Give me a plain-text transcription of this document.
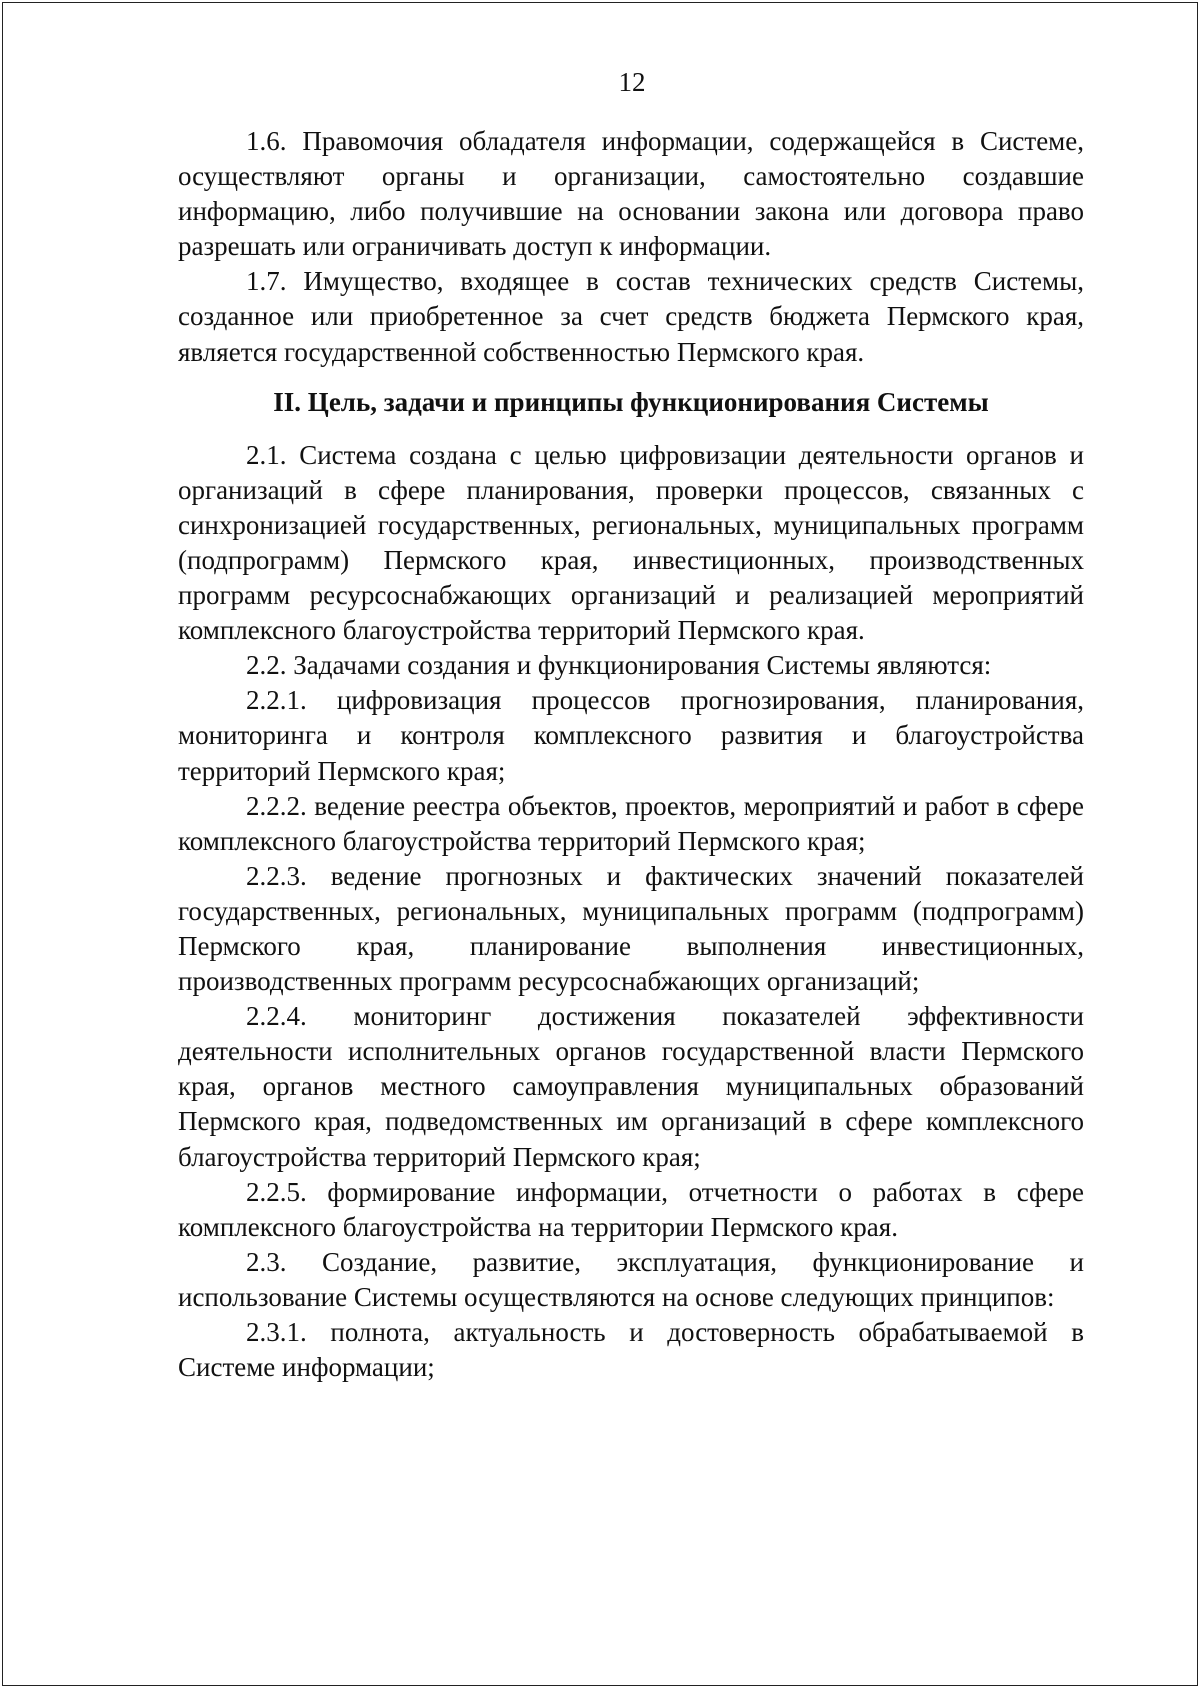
12

1.6. Правомочия обладателя информации, содержащейся в Системе, осуществляют органы и организации, самостоятельно создавшие информацию, либо получившие на основании закона или договора право разрешать или ограничивать доступ к информации.

1.7. Имущество, входящее в состав технических средств Системы, созданное или приобретенное за счет средств бюджета Пермского края, является государственной собственностью Пермского края.

II. Цель, задачи и принципы функционирования Системы

2.1. Система создана с целью цифровизации деятельности органов и организаций в сфере планирования, проверки процессов, связанных с синхронизацией государственных, региональных, муниципальных программ (подпрограмм) Пермского края, инвестиционных, производственных программ ресурсоснабжающих организаций и реализацией мероприятий комплексного благоустройства территорий Пермского края.

2.2. Задачами создания и функционирования Системы являются:

2.2.1. цифровизация процессов прогнозирования, планирования, мониторинга и контроля комплексного развития и благоустройства территорий Пермского края;

2.2.2. ведение реестра объектов, проектов, мероприятий и работ в сфере комплексного благоустройства территорий Пермского края;

2.2.3. ведение прогнозных и фактических значений показателей государственных, региональных, муниципальных программ (подпрограмм) Пермского края, планирование выполнения инвестиционных, производственных программ ресурсоснабжающих организаций;

2.2.4. мониторинг достижения показателей эффективности деятельности исполнительных органов государственной власти Пермского края, органов местного самоуправления муниципальных образований Пермского края, подведомственных им организаций в сфере комплексного благоустройства территорий Пермского края;

2.2.5. формирование информации, отчетности о работах в сфере комплексного благоустройства на территории Пермского края.

2.3. Создание, развитие, эксплуатация, функционирование и использование Системы осуществляются на основе следующих принципов:

2.3.1. полнота, актуальность и достоверность обрабатываемой в Системе информации;
